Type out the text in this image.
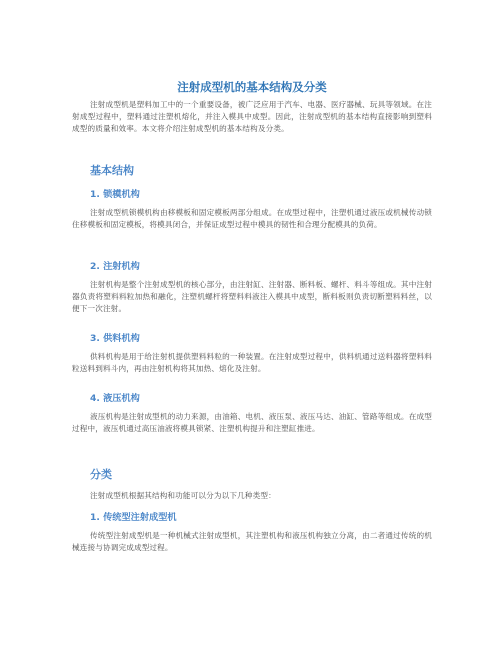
注射成型机的基本结构及分类

注射成型机是塑料加工中的一个重要设备，被广泛应用于汽车、电器、医疗器械、玩具等领域。在注射成型过程中，塑料通过注塑机熔化，并注入模具中成型。因此，注射成型机的基本结构直接影响到塑料成型的质量和效率。本文将介绍注射成型机的基本结构及分类。

基本结构
1. 锁模机构

注射成型机锁模机构由移模板和固定模板两部分组成。在成型过程中，注塑机通过液压或机械传动锁住移模板和固定模板，将模具闭合，并保证成型过程中模具的韧性和合理分配模具的负荷。

2. 注射机构

注射机构是整个注射成型机的核心部分，由注射缸、注射器、断料板、螺杆、料斗等组成。其中注射器负责将塑料料粒加热和融化，注塑机螺杆将塑料料液注入模具中成型，断料板则负责切断塑料料丝，以便下一次注射。

3. 供料机构

供料机构是用于给注射机提供塑料料粒的一种装置。在注射成型过程中，供料机通过送料器将塑料料粒送料到料斗内，再由注射机构将其加热、熔化及注射。

4. 液压机构

液压机构是注射成型机的动力来源，由油箱、电机、液压泵、液压马达、油缸、管路等组成。在成型过程中，液压机通过高压油液将模具锁紧、注塑机构提升和注塑缸推进。

分类

注射成型机根据其结构和功能可以分为以下几种类型：

1. 传统型注射成型机

传统型注射成型机是一种机械式注射成型机，其注塑机构和液压机构独立分离，由二者通过传统的机械连接与协调完成成型过程。
